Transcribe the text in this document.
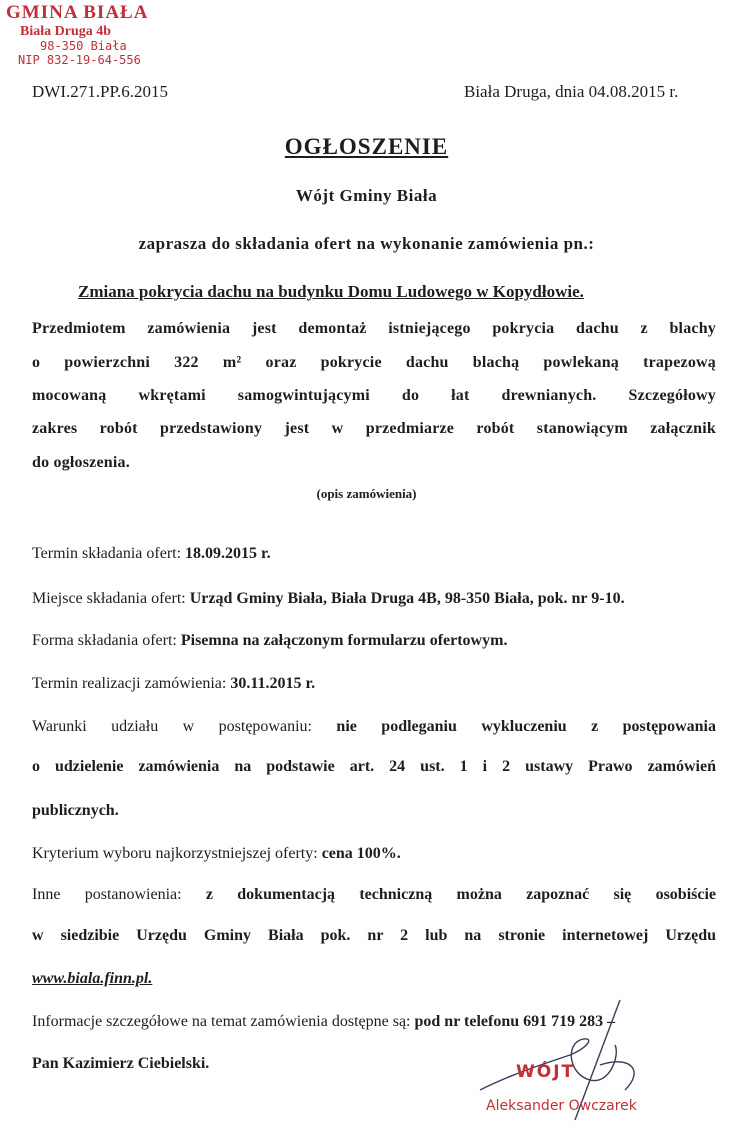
GMINA BIAŁA
Biała Druga 4b
98-350 Biała
NIP 832-19-64-556
DWI.271.PP.6.2015	Biała Druga, dnia 04.08.2015 r.
OGŁOSZENIE
Wójt Gminy Biała
zaprasza do składania ofert na wykonanie zamówienia pn.:
Zmiana pokrycia dachu na budynku Domu Ludowego w Kopydłowie.
Przedmiotem zamówienia jest demontaż istniejącego pokrycia dachu z blachy
o powierzchni 322 m² oraz pokrycie dachu blachą powlekaną trapezową
mocowaną wkrętami samogwintującymi do łat drewnianych. Szczegółowy
zakres robót przedstawiony jest w przedmiarze robót stanowiącym załącznik
do ogłoszenia.
(opis zamówienia)
Termin składania ofert: 18.09.2015 r.
Miejsce składania ofert: Urząd Gminy Biała, Biała Druga 4B, 98-350 Biała, pok. nr 9-10.
Forma składania ofert: Pisemna na załączonym formularzu ofertowym.
Termin realizacji zamówienia: 30.11.2015 r.
Warunki udziału w postępowaniu: nie podleganiu wykluczeniu z postępowania
o udzielenie zamówienia na podstawie art. 24 ust. 1 i 2 ustawy Prawo zamówień
publicznych.
Kryterium wyboru najkorzystniejszej oferty: cena 100%.
Inne postanowienia: z dokumentacją techniczną można zapoznać się osobiście
w siedzibie Urzędu Gminy Biała pok. nr 2 lub na stronie internetowej Urzędu
www.biala.finn.pl.
Informacje szczegółowe na temat zamówienia dostępne są: pod nr telefonu 691 719 283 –
Pan Kazimierz Ciebielski.	WÓJT
Aleksander Owczarek
